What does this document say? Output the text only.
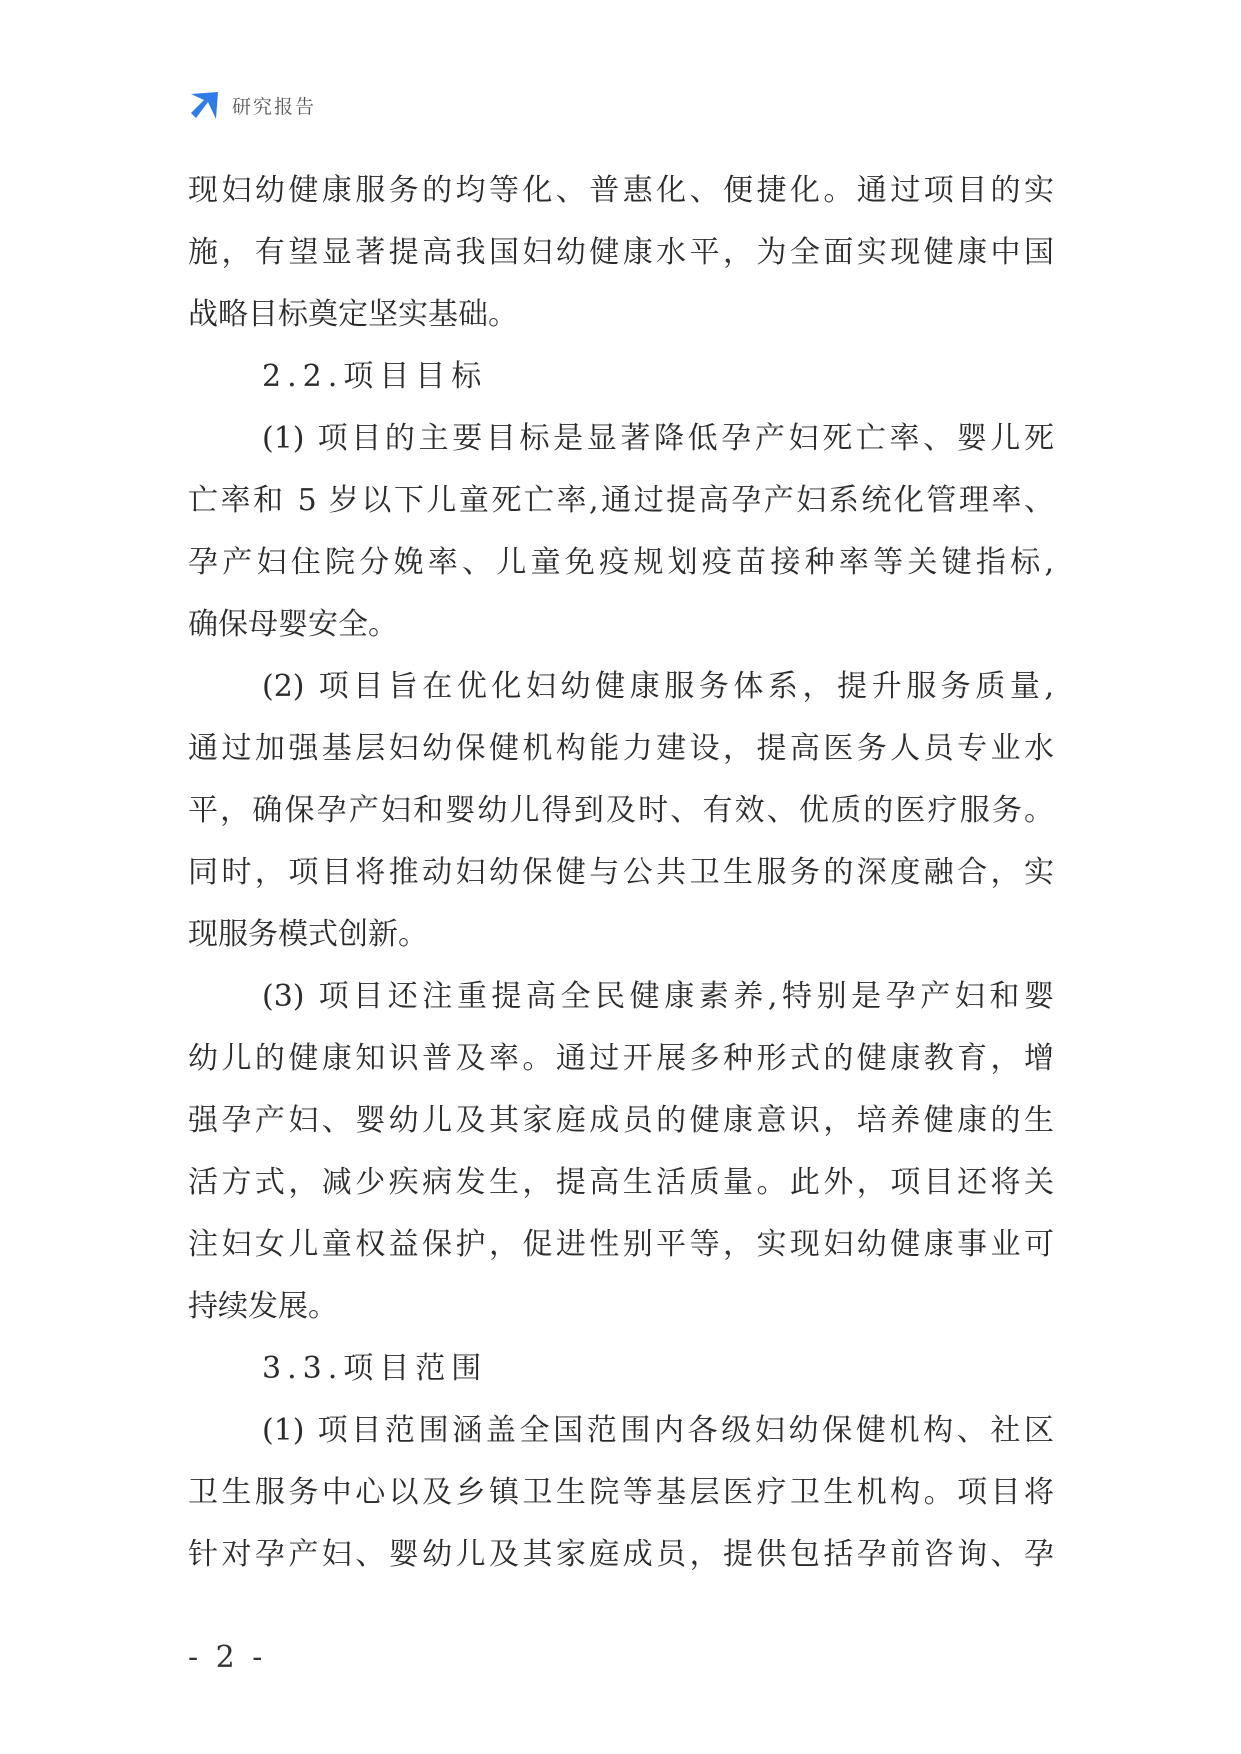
研究报告
现妇幼健康服务的均等化、普惠化、便捷化。通过项目的实
施，有望显著提高我国妇幼健康水平，为全面实现健康中国
战略目标奠定坚实基础。
2.2.项目目标
(1) 项目的主要目标是显著降低孕产妇死亡率、婴儿死
亡率和 5 岁以下儿童死亡率,通过提高孕产妇系统化管理率、
孕产妇住院分娩率、儿童免疫规划疫苗接种率等关键指标,
确保母婴安全。
(2) 项目旨在优化妇幼健康服务体系，提升服务质量,
通过加强基层妇幼保健机构能力建设，提高医务人员专业水
平，确保孕产妇和婴幼儿得到及时、有效、优质的医疗服务。
同时，项目将推动妇幼保健与公共卫生服务的深度融合，实
现服务模式创新。
(3) 项目还注重提高全民健康素养,特别是孕产妇和婴
幼儿的健康知识普及率。通过开展多种形式的健康教育，增
强孕产妇、婴幼儿及其家庭成员的健康意识，培养健康的生
活方式，减少疾病发生，提高生活质量。此外，项目还将关
注妇女儿童权益保护，促进性别平等，实现妇幼健康事业可
持续发展。
3.3.项目范围
(1) 项目范围涵盖全国范围内各级妇幼保健机构、社区
卫生服务中心以及乡镇卫生院等基层医疗卫生机构。项目将
针对孕产妇、婴幼儿及其家庭成员，提供包括孕前咨询、孕
- 2 -
